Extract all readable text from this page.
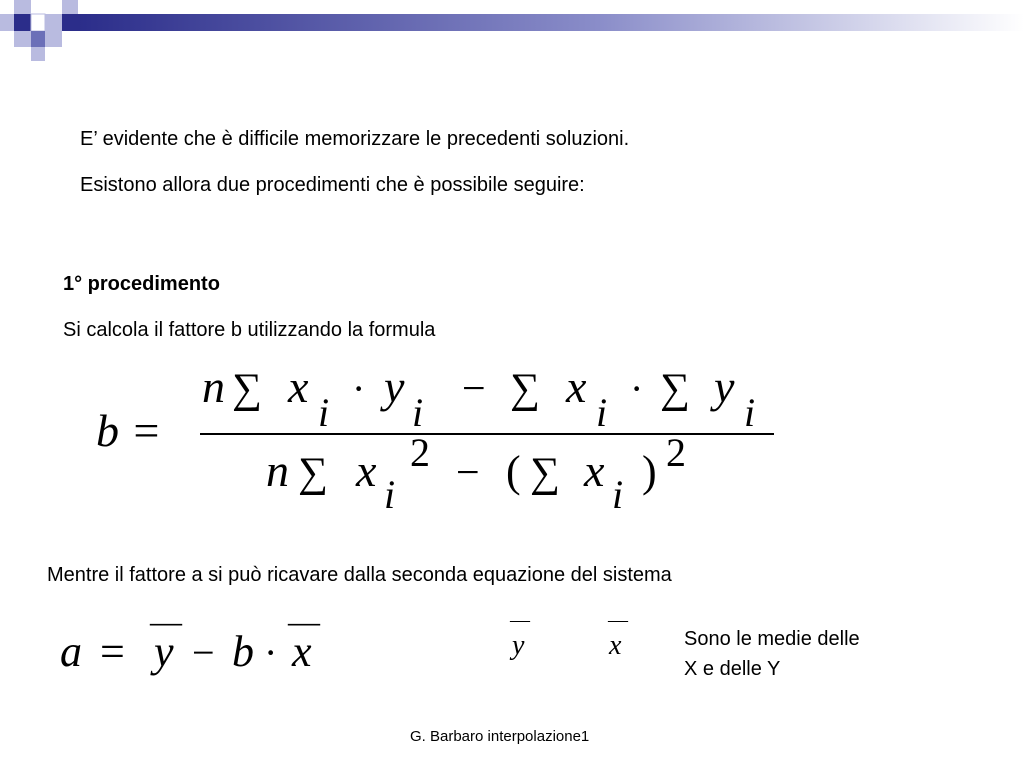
E’ evidente che è difficile memorizzare le precedenti soluzioni.
Esistono allora due procedimenti che è possibile seguire:
1° procedimento
Si calcola il fattore b utilizzando la formula
b =
n ∑ x
i
· y
i
− ∑ x
i
· ∑ y
i
n ∑ x i
2 − ( ∑ x i ) 2
Mentre il fattore a si può ricavare dalla seconda equazione del sistema
a =
—
y − b ·
—
x
—
y
—
x	Sono le medie delle
X e delle Y
G. Barbaro interpolazione1
